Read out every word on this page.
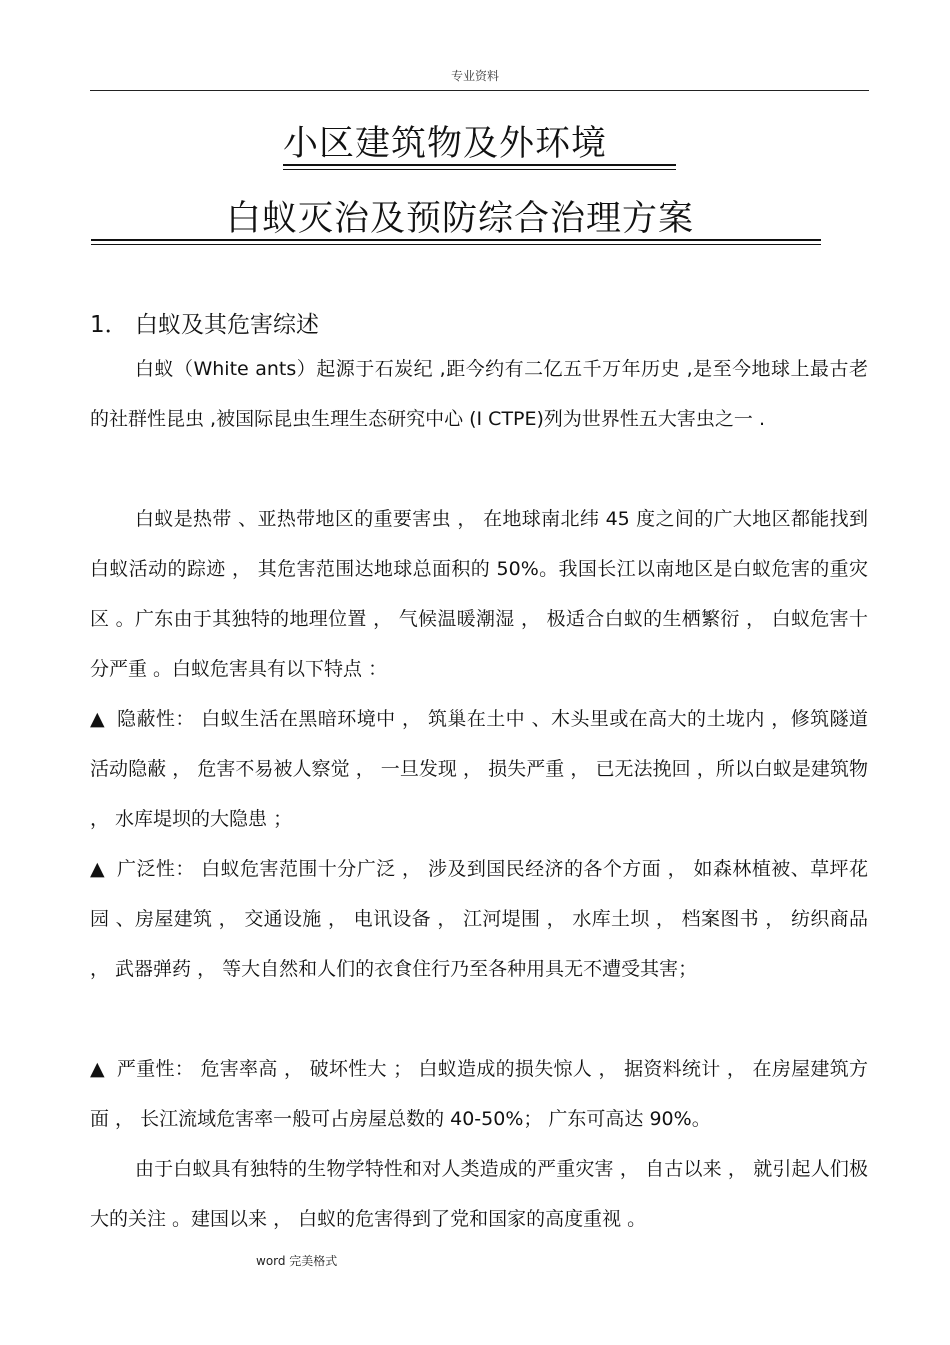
专业资料
小区建筑物及外环境
白蚁灭治及预防综合治理方案
1． 白蚁及其危害综述
白蚁（White ants）起源于石炭纪 ,距今约有二亿五千万年历史 ,是至今地球上最古老的社群性昆虫 ,被国际昆虫生理生态研究中心 (I CTPE)列为世界性五大害虫之一 .
白蚁是热带 、亚热带地区的重要害虫 ， 在地球南北纬 45 度之间的广大地区都能找到白蚁活动的踪迹 ， 其危害范围达地球总面积的 50%。我国长江以南地区是白蚁危害的重灾区 。广东由于其独特的地理位置 ， 气候温暖潮湿 ， 极适合白蚁的生栖繁衍 ， 白蚁危害十分严重 。白蚁危害具有以下特点 ：
▲ 隐蔽性： 白蚁生活在黑暗环境中 ， 筑巢在土中 、木头里或在高大的土垅内 ，修筑隧道活动隐蔽 ， 危害不易被人察觉 ， 一旦发现 ， 损失严重 ， 已无法挽回 ，所以白蚁是建筑物 ， 水库堤坝的大隐患 ；
▲ 广泛性： 白蚁危害范围十分广泛 ， 涉及到国民经济的各个方面 ， 如森林植被、草坪花园 、房屋建筑 ， 交通设施 ， 电讯设备 ， 江河堤围 ， 水库土坝 ， 档案图书 ， 纺织商品 ， 武器弹药 ， 等大自然和人们的衣食住行乃至各种用具无不遭受其害；
▲ 严重性： 危害率高 ， 破坏性大 ； 白蚁造成的损失惊人 ， 据资料统计 ， 在房屋建筑方面 ， 长江流域危害率一般可占房屋总数的 40-50%； 广东可高达 90%。
由于白蚁具有独特的生物学特性和对人类造成的严重灾害 ， 自古以来 ， 就引起人们极大的关注 。建国以来 ， 白蚁的危害得到了党和国家的高度重视 。
word 完美格式
